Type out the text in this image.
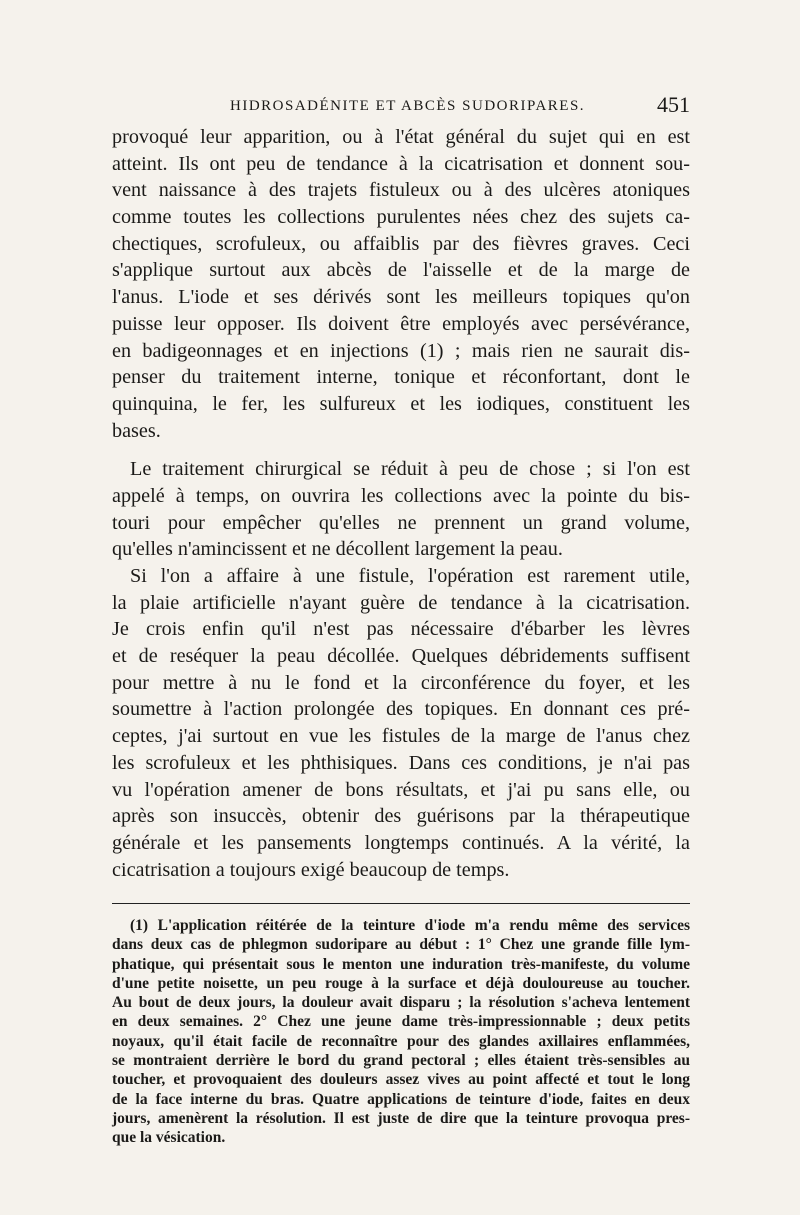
HIDROSADÉNITE ET ABCÈS SUDORIPARES.	451
provoqué leur apparition, ou à l'état général du sujet qui en est
atteint. Ils ont peu de tendance à la cicatrisation et donnent sou-
vent naissance à des trajets fistuleux ou à des ulcères atoniques
comme toutes les collections purulentes nées chez des sujets ca-
chectiques, scrofuleux, ou affaiblis par des fièvres graves. Ceci
s'applique surtout aux abcès de l'aisselle et de la marge de
l'anus. L'iode et ses dérivés sont les meilleurs topiques qu'on
puisse leur opposer. Ils doivent être employés avec persévérance,
en badigeonnages et en injections (1) ; mais rien ne saurait dis-
penser du traitement interne, tonique et réconfortant, dont le
quinquina, le fer, les sulfureux et les iodiques, constituent les
bases.
Le traitement chirurgical se réduit à peu de chose ; si l'on est
appelé à temps, on ouvrira les collections avec la pointe du bis-
touri pour empêcher qu'elles ne prennent un grand volume,
qu'elles n'amincissent et ne décollent largement la peau.
Si l'on a affaire à une fistule, l'opération est rarement utile,
la plaie artificielle n'ayant guère de tendance à la cicatrisation.
Je crois enfin qu'il n'est pas nécessaire d'ébarber les lèvres
et de reséquer la peau décollée. Quelques débridements suffisent
pour mettre à nu le fond et la circonférence du foyer, et les
soumettre à l'action prolongée des topiques. En donnant ces pré-
ceptes, j'ai surtout en vue les fistules de la marge de l'anus chez
les scrofuleux et les phthisiques. Dans ces conditions, je n'ai pas
vu l'opération amener de bons résultats, et j'ai pu sans elle, ou
après son insuccès, obtenir des guérisons par la thérapeutique
générale et les pansements longtemps continués. A la vérité, la
cicatrisation a toujours exigé beaucoup de temps.
(1) L'application réitérée de la teinture d'iode m'a rendu même des services
dans deux cas de phlegmon sudoripare au début : 1° Chez une grande fille lym-
phatique, qui présentait sous le menton une induration très-manifeste, du volume
d'une petite noisette, un peu rouge à la surface et déjà douloureuse au toucher.
Au bout de deux jours, la douleur avait disparu ; la résolution s'acheva lentement
en deux semaines. 2° Chez une jeune dame très-impressionnable ; deux petits
noyaux, qu'il était facile de reconnaître pour des glandes axillaires enflammées,
se montraient derrière le bord du grand pectoral ; elles étaient très-sensibles au
toucher, et provoquaient des douleurs assez vives au point affecté et tout le long
de la face interne du bras. Quatre applications de teinture d'iode, faites en deux
jours, amenèrent la résolution. Il est juste de dire que la teinture provoqua pres-
que la vésication.
